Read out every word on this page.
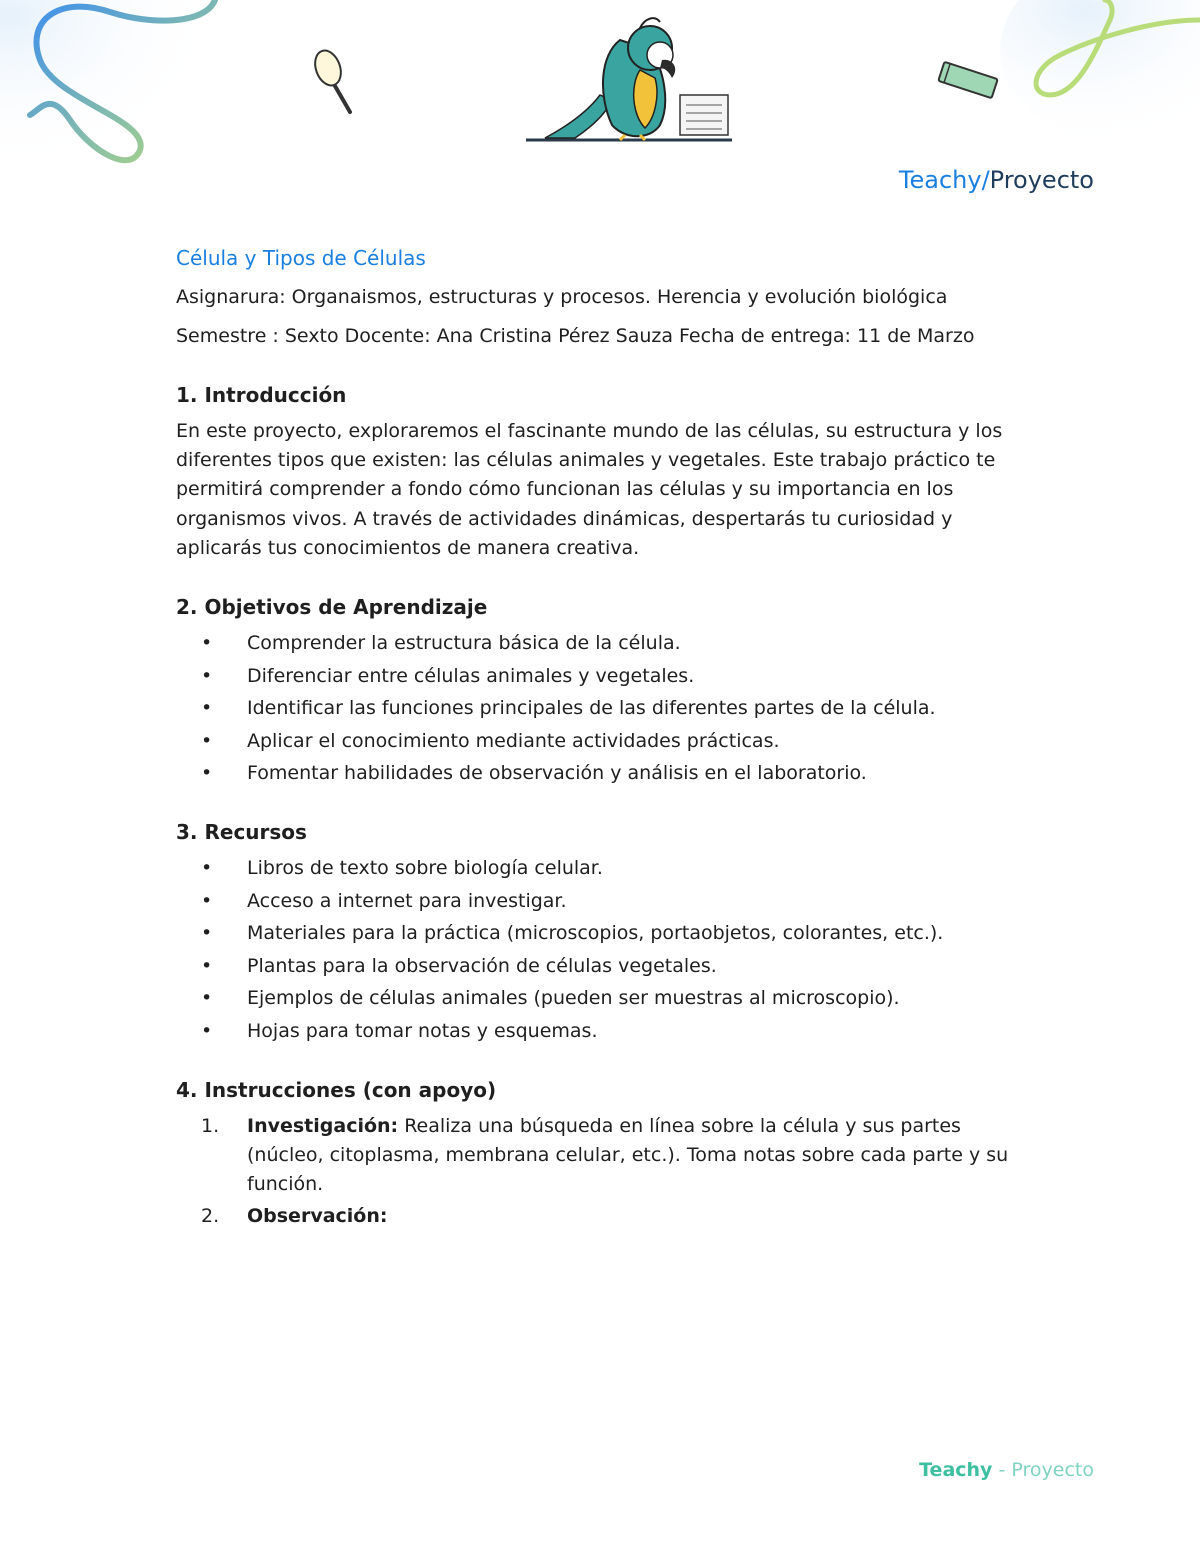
Teachy/Proyecto
Célula y Tipos de Células

Asignarura: Organaismos, estructuras y procesos. Herencia y evolución biológica

Semestre : Sexto Docente: Ana Cristina Pérez Sauza Fecha de entrega: 11 de Marzo

1. Introducción

En este proyecto, exploraremos el fascinante mundo de las células, su estructura y los diferentes tipos que existen: las células animales y vegetales. Este trabajo práctico te permitirá comprender a fondo cómo funcionan las células y su importancia en los organismos vivos. A través de actividades dinámicas, despertarás tu curiosidad y aplicarás tus conocimientos de manera creativa.

2. Objetivos de Aprendizaje
• Comprender la estructura básica de la célula.
• Diferenciar entre células animales y vegetales.
• Identificar las funciones principales de las diferentes partes de la célula.
• Aplicar el conocimiento mediante actividades prácticas.
• Fomentar habilidades de observación y análisis en el laboratorio.
3. Recursos
• Libros de texto sobre biología celular.
• Acceso a internet para investigar.
• Materiales para la práctica (microscopios, portaobjetos, colorantes, etc.).
• Plantas para la observación de células vegetales.
• Ejemplos de células animales (pueden ser muestras al microscopio).
• Hojas para tomar notas y esquemas.
4. Instrucciones (con apoyo)
1. Investigación: Realiza una búsqueda en línea sobre la célula y sus partes (núcleo, citoplasma, membrana celular, etc.). Toma notas sobre cada parte y su función.
2. Observación:
Teachy - Proyecto
